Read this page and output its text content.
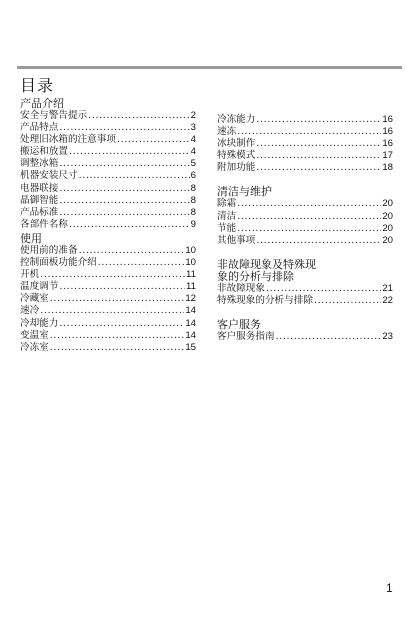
目录
产品介绍
安全与警告提示 .....	2
产品特点 .....	3
处理旧冰箱的注意事项 .....	4
搬运和放置 .....	4
调整冰箱 .....	5
机器安装尺寸 .....	6
电器联接 .....	8
晶御智能 .....	8
产品标准 .....	8
各部件名称 .....	9
使用
使用前的准备 .....	10
控制面板功能介绍 .....	10
开机 .....	11
温度调节 .....	11
冷藏室 .....	12
速冷 .....	14
冷却能力 .....	14
变温室 .....	14
冷冻室 .....	15
冷冻能力 .....	16
速冻 .....	16
冰块制作 .....	16
特殊模式 .....	17
附加功能 .....	18
清洁与维护
除霜 .....	20
清洁 .....	20
节能 .....	20
其他事项 .....	20
非故障现象及特殊现
象的分析与排除
非故障现象 .....	21
特殊现象的分析与排除 .....	22
客户服务
客户服务指南 .....	23
1
